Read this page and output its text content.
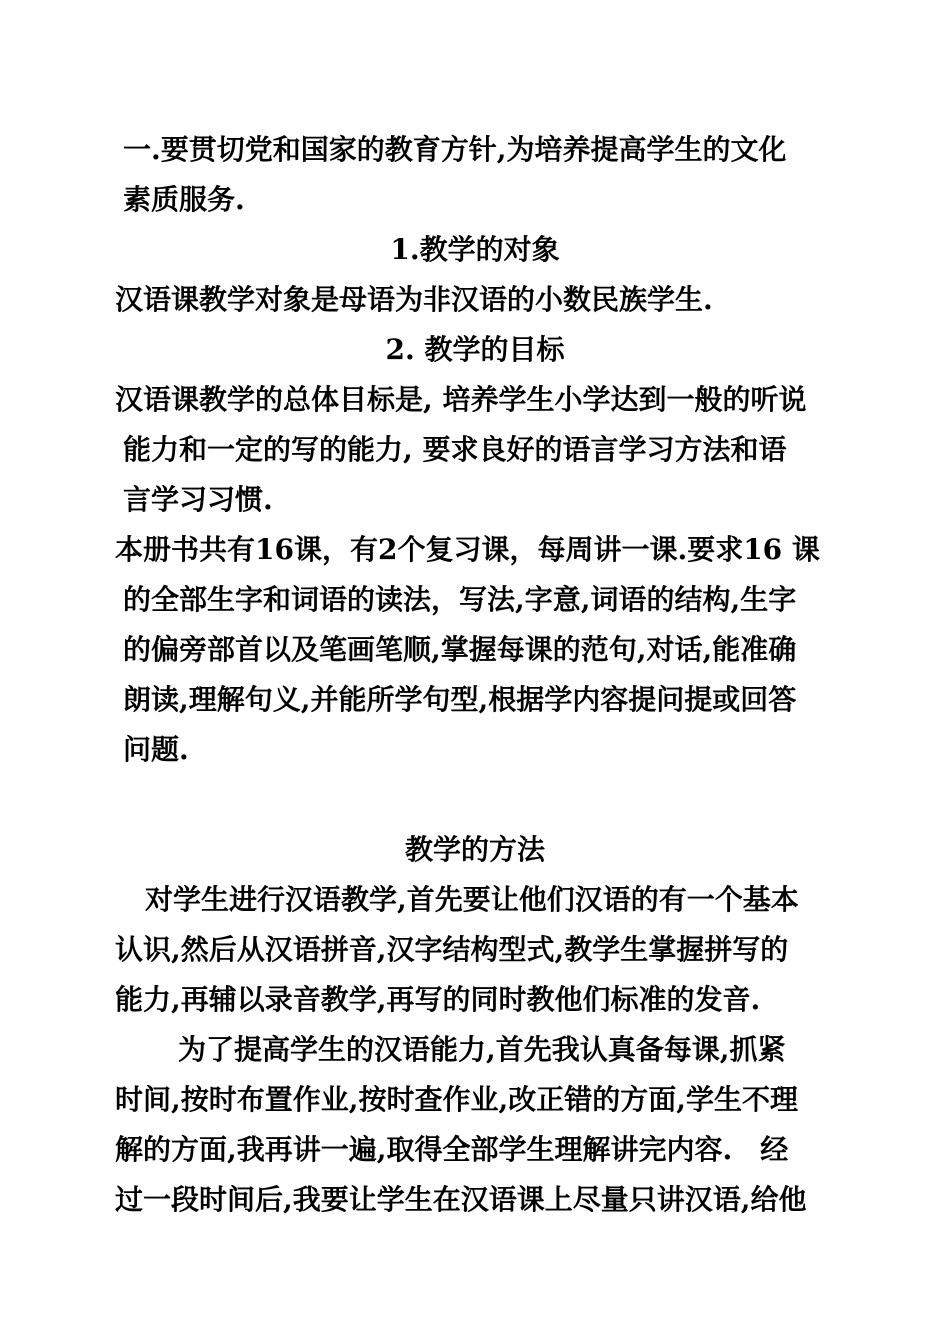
一.要贯切党和国家的教育方针,为培养提高学生的文化
素质服务.
1.教学的对象
汉语课教学对象是母语为非汉语的小数民族学生.
2. 教学的目标
汉语课教学的总体目标是, 培养学生小学达到一般的听说
能力和一定的写的能力, 要求良好的语言学习方法和语
言学习习惯.
本册书共有16课，有2个复习课，每周讲一课.要求16 课
的全部生字和词语的读法，写法,字意,词语的结构,生字
的偏旁部首以及笔画笔顺,掌握每课的范句,对话,能准确
朗读,理解句义,并能所学句型,根据学内容提问提或回答
问题.
教学的方法
对学生进行汉语教学,首先要让他们汉语的有一个基本
认识,然后从汉语拼音,汉字结构型式,教学生掌握拼写的
能力,再辅以录音教学,再写的同时教他们标准的发音.
为了提高学生的汉语能力,首先我认真备每课,抓紧
时间,按时布置作业,按时查作业,改正错的方面,学生不理
解的方面,我再讲一遍,取得全部学生理解讲完内容.　经
过一段时间后,我要让学生在汉语课上尽量只讲汉语,给他
